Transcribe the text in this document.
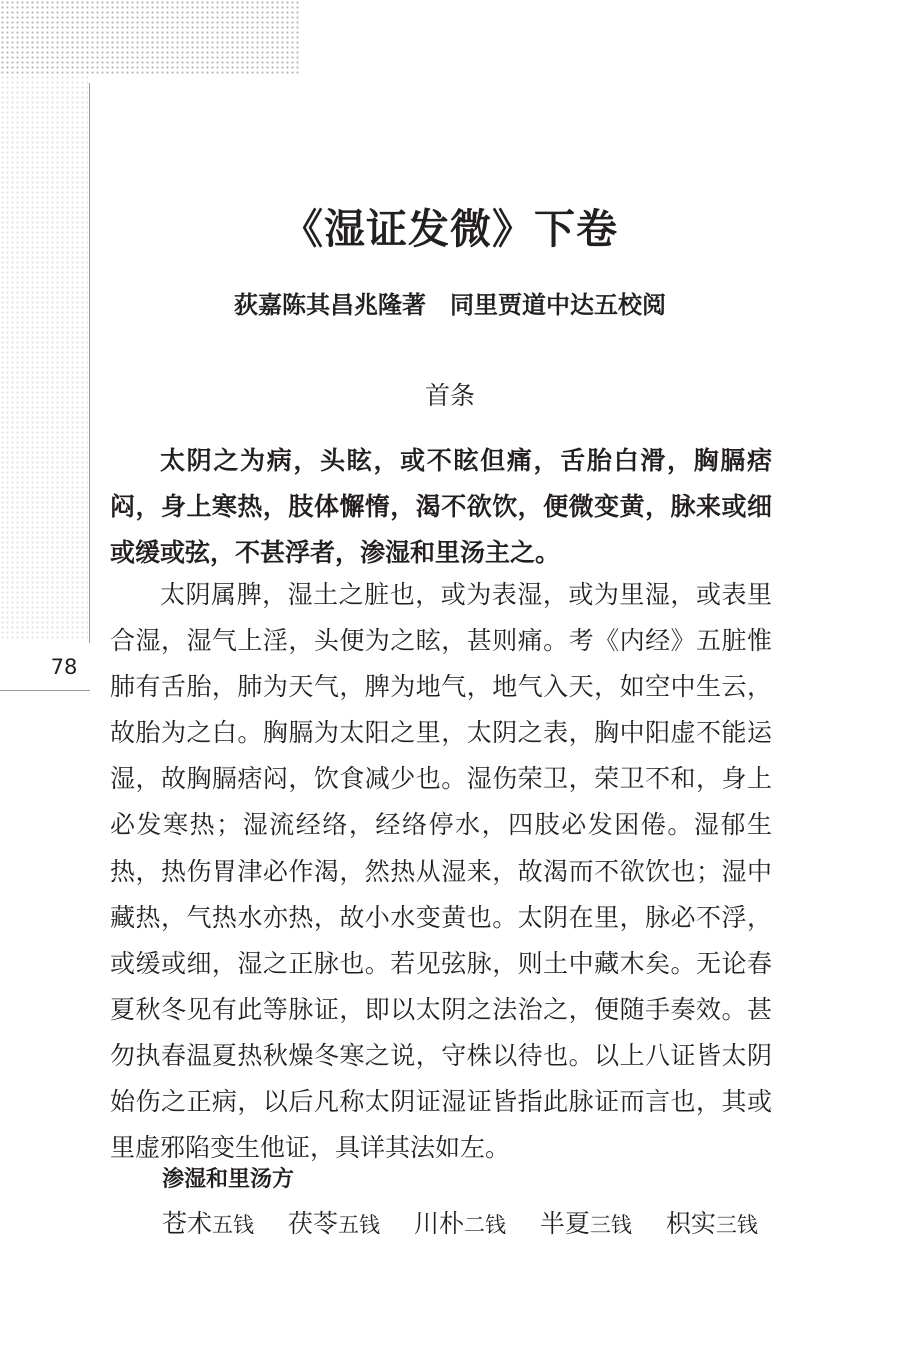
78
《湿证发微》下卷
荻嘉陈其昌兆隆著　同里贾道中达五校阅
首条

太阴之为病，头眩，或不眩但痛，舌胎白滑，胸膈痞闷，身上寒热，肢体懈惰，渴不欲饮，便微变黄，脉来或细或缓或弦，不甚浮者，渗湿和里汤主之。

太阴属脾，湿土之脏也，或为表湿，或为里湿，或表里合湿，湿气上淫，头便为之眩，甚则痛。考《内经》五脏惟肺有舌胎，肺为天气，脾为地气，地气入天，如空中生云，故胎为之白。胸膈为太阳之里，太阴之表，胸中阳虚不能运湿，故胸膈痞闷，饮食减少也。湿伤荣卫，荣卫不和，身上必发寒热；湿流经络，经络停水，四肢必发困倦。湿郁生热，热伤胃津必作渴，然热从湿来，故渴而不欲饮也；湿中藏热，气热水亦热，故小水变黄也。太阴在里，脉必不浮，或缓或细，湿之正脉也。若见弦脉，则土中藏木矣。无论春夏秋冬见有此等脉证，即以太阴之法治之，便随手奏效。甚勿执春温夏热秋燥冬寒之说，守株以待也。以上八证皆太阴始伤之正病，以后凡称太阴证湿证皆指此脉证而言也，其或里虚邪陷变生他证，具详其法如左。

渗湿和里汤方
苍术五钱 茯苓五钱 川朴二钱 半夏三钱 枳实三钱
